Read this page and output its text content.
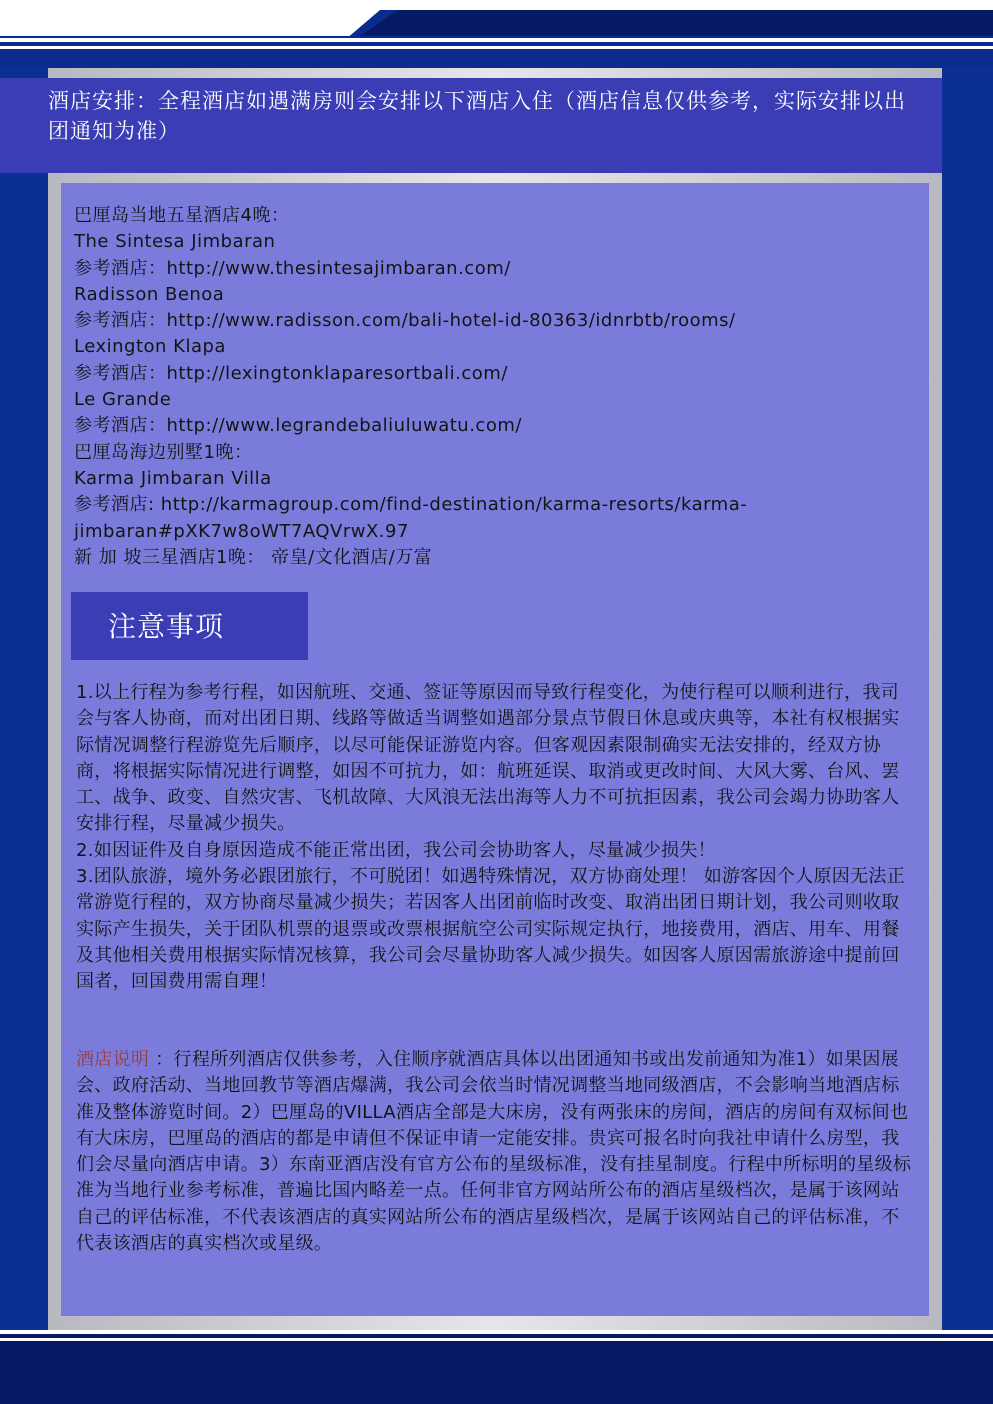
酒店安排：全程酒店如遇满房则会安排以下酒店入住（酒店信息仅供参考，实际安排以出团通知为准）

巴厘岛当地五星酒店4晚：
The Sintesa Jimbaran
参考酒店：http://www.thesintesajimbaran.com/
Radisson Benoa
参考酒店：http://www.radisson.com/bali-hotel-id-80363/idnrbtb/rooms/
Lexington Klapa
参考酒店：http://lexingtonklaparesortbali.com/
Le Grande
参考酒店：http://www.legrandebaliuluwatu.com/
巴厘岛海边别墅1晚：
Karma Jimbaran Villa
参考酒店: http://karmagroup.com/find-destination/karma-resorts/karma-
jimbaran#pXK7w8oWT7AQVrwX.97
新 加 坡三星酒店1晚： 帝皇/文化酒店/万富
注意事项
1.以上行程为参考行程，如因航班、交通、签证等原因而导致行程变化，为使行程可以顺利进行，我司会与客人协商，而对出团日期、线路等做适当调整如遇部分景点节假日休息或庆典等，本社有权根据实际情况调整行程游览先后顺序，以尽可能保证游览内容。但客观因素限制确实无法安排的，经双方协商，将根据实际情况进行调整，如因不可抗力，如：航班延误、取消或更改时间、大风大雾、台风、罢工、战争、政变、自然灾害、飞机故障、大风浪无法出海等人力不可抗拒因素，我公司会竭力协助客人安排行程，尽量减少损失。
2.如因证件及自身原因造成不能正常出团，我公司会协助客人，尽量减少损失！
3.团队旅游，境外务必跟团旅行，不可脱团！如遇特殊情况，双方协商处理！ 如游客因个人原因无法正常游览行程的，双方协商尽量减少损失；若因客人出团前临时改变、取消出团日期计划，我公司则收取实际产生损失，关于团队机票的退票或改票根据航空公司实际规定执行，地接费用，酒店、用车、用餐及其他相关费用根据实际情况核算，我公司会尽量协助客人减少损失。如因客人原因需旅游途中提前回国者，回国费用需自理！

酒店说明 ：行程所列酒店仅供参考，入住顺序就酒店具体以出团通知书或出发前通知为准1）如果因展会、政府活动、当地回教节等酒店爆满，我公司会依当时情况调整当地同级酒店，不会影响当地酒店标准及整体游览时间。2）巴厘岛的VILLA酒店全部是大床房，没有两张床的房间，酒店的房间有双标间也有大床房，巴厘岛的酒店的都是申请但不保证申请一定能安排。贵宾可报名时向我社申请什么房型，我们会尽量向酒店申请。3）东南亚酒店没有官方公布的星级标准，没有挂星制度。行程中所标明的星级标准为当地行业参考标准，普遍比国内略差一点。任何非官方网站所公布的酒店星级档次，是属于该网站自己的评估标准，不代表该酒店的真实网站所公布的酒店星级档次，是属于该网站自己的评估标准，不代表该酒店的真实档次或星级。
